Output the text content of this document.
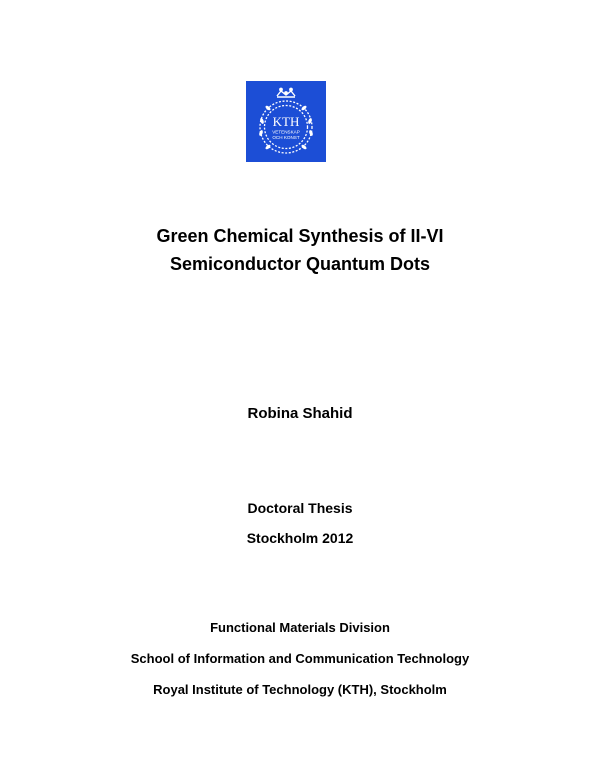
KTH
VETENSKAP
OCH KONST
Green Chemical Synthesis of II-VI
Semiconductor Quantum Dots
Robina Shahid
Doctoral Thesis
Stockholm 2012
Functional Materials Division
School of Information and Communication Technology
Royal Institute of Technology (KTH), Stockholm
